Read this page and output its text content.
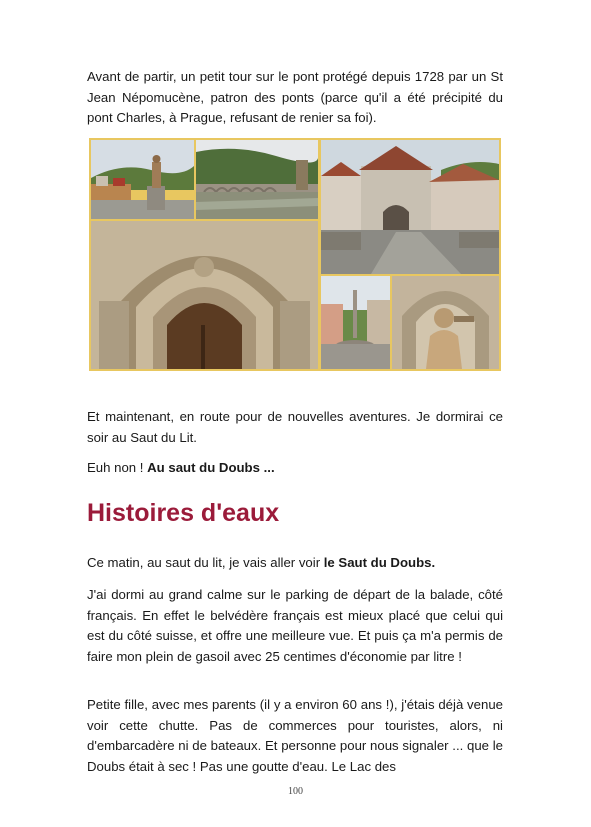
Avant de partir, un petit tour sur le pont protégé depuis 1728 par un St Jean Népomucène, patron des ponts (parce qu'il a été précipité du pont Charles, à Prague, refusant de renier sa foi).

Et maintenant, en route pour de nouvelles aventures. Je dormirai ce soir au Saut du Lit.

Euh non ! Au saut du Doubs ...

Histoires d'eaux

Ce matin, au saut du lit, je vais aller voir le Saut du Doubs.

J'ai dormi au grand calme sur le parking de départ de la balade, côté français. En effet le belvédère français est mieux placé que celui qui est du côté suisse, et offre une meilleure vue. Et puis ça m'a permis de faire mon plein de gasoil avec 25 centimes d'économie par litre !

Petite fille, avec mes parents (il y a environ 60 ans !), j'étais déjà venue voir cette chutte. Pas de commerces pour touristes, alors, ni d'embarcadère ni de bateaux. Et personne pour nous signaler ... que le Doubs était à sec ! Pas une goutte d'eau. Le Lac des

100
